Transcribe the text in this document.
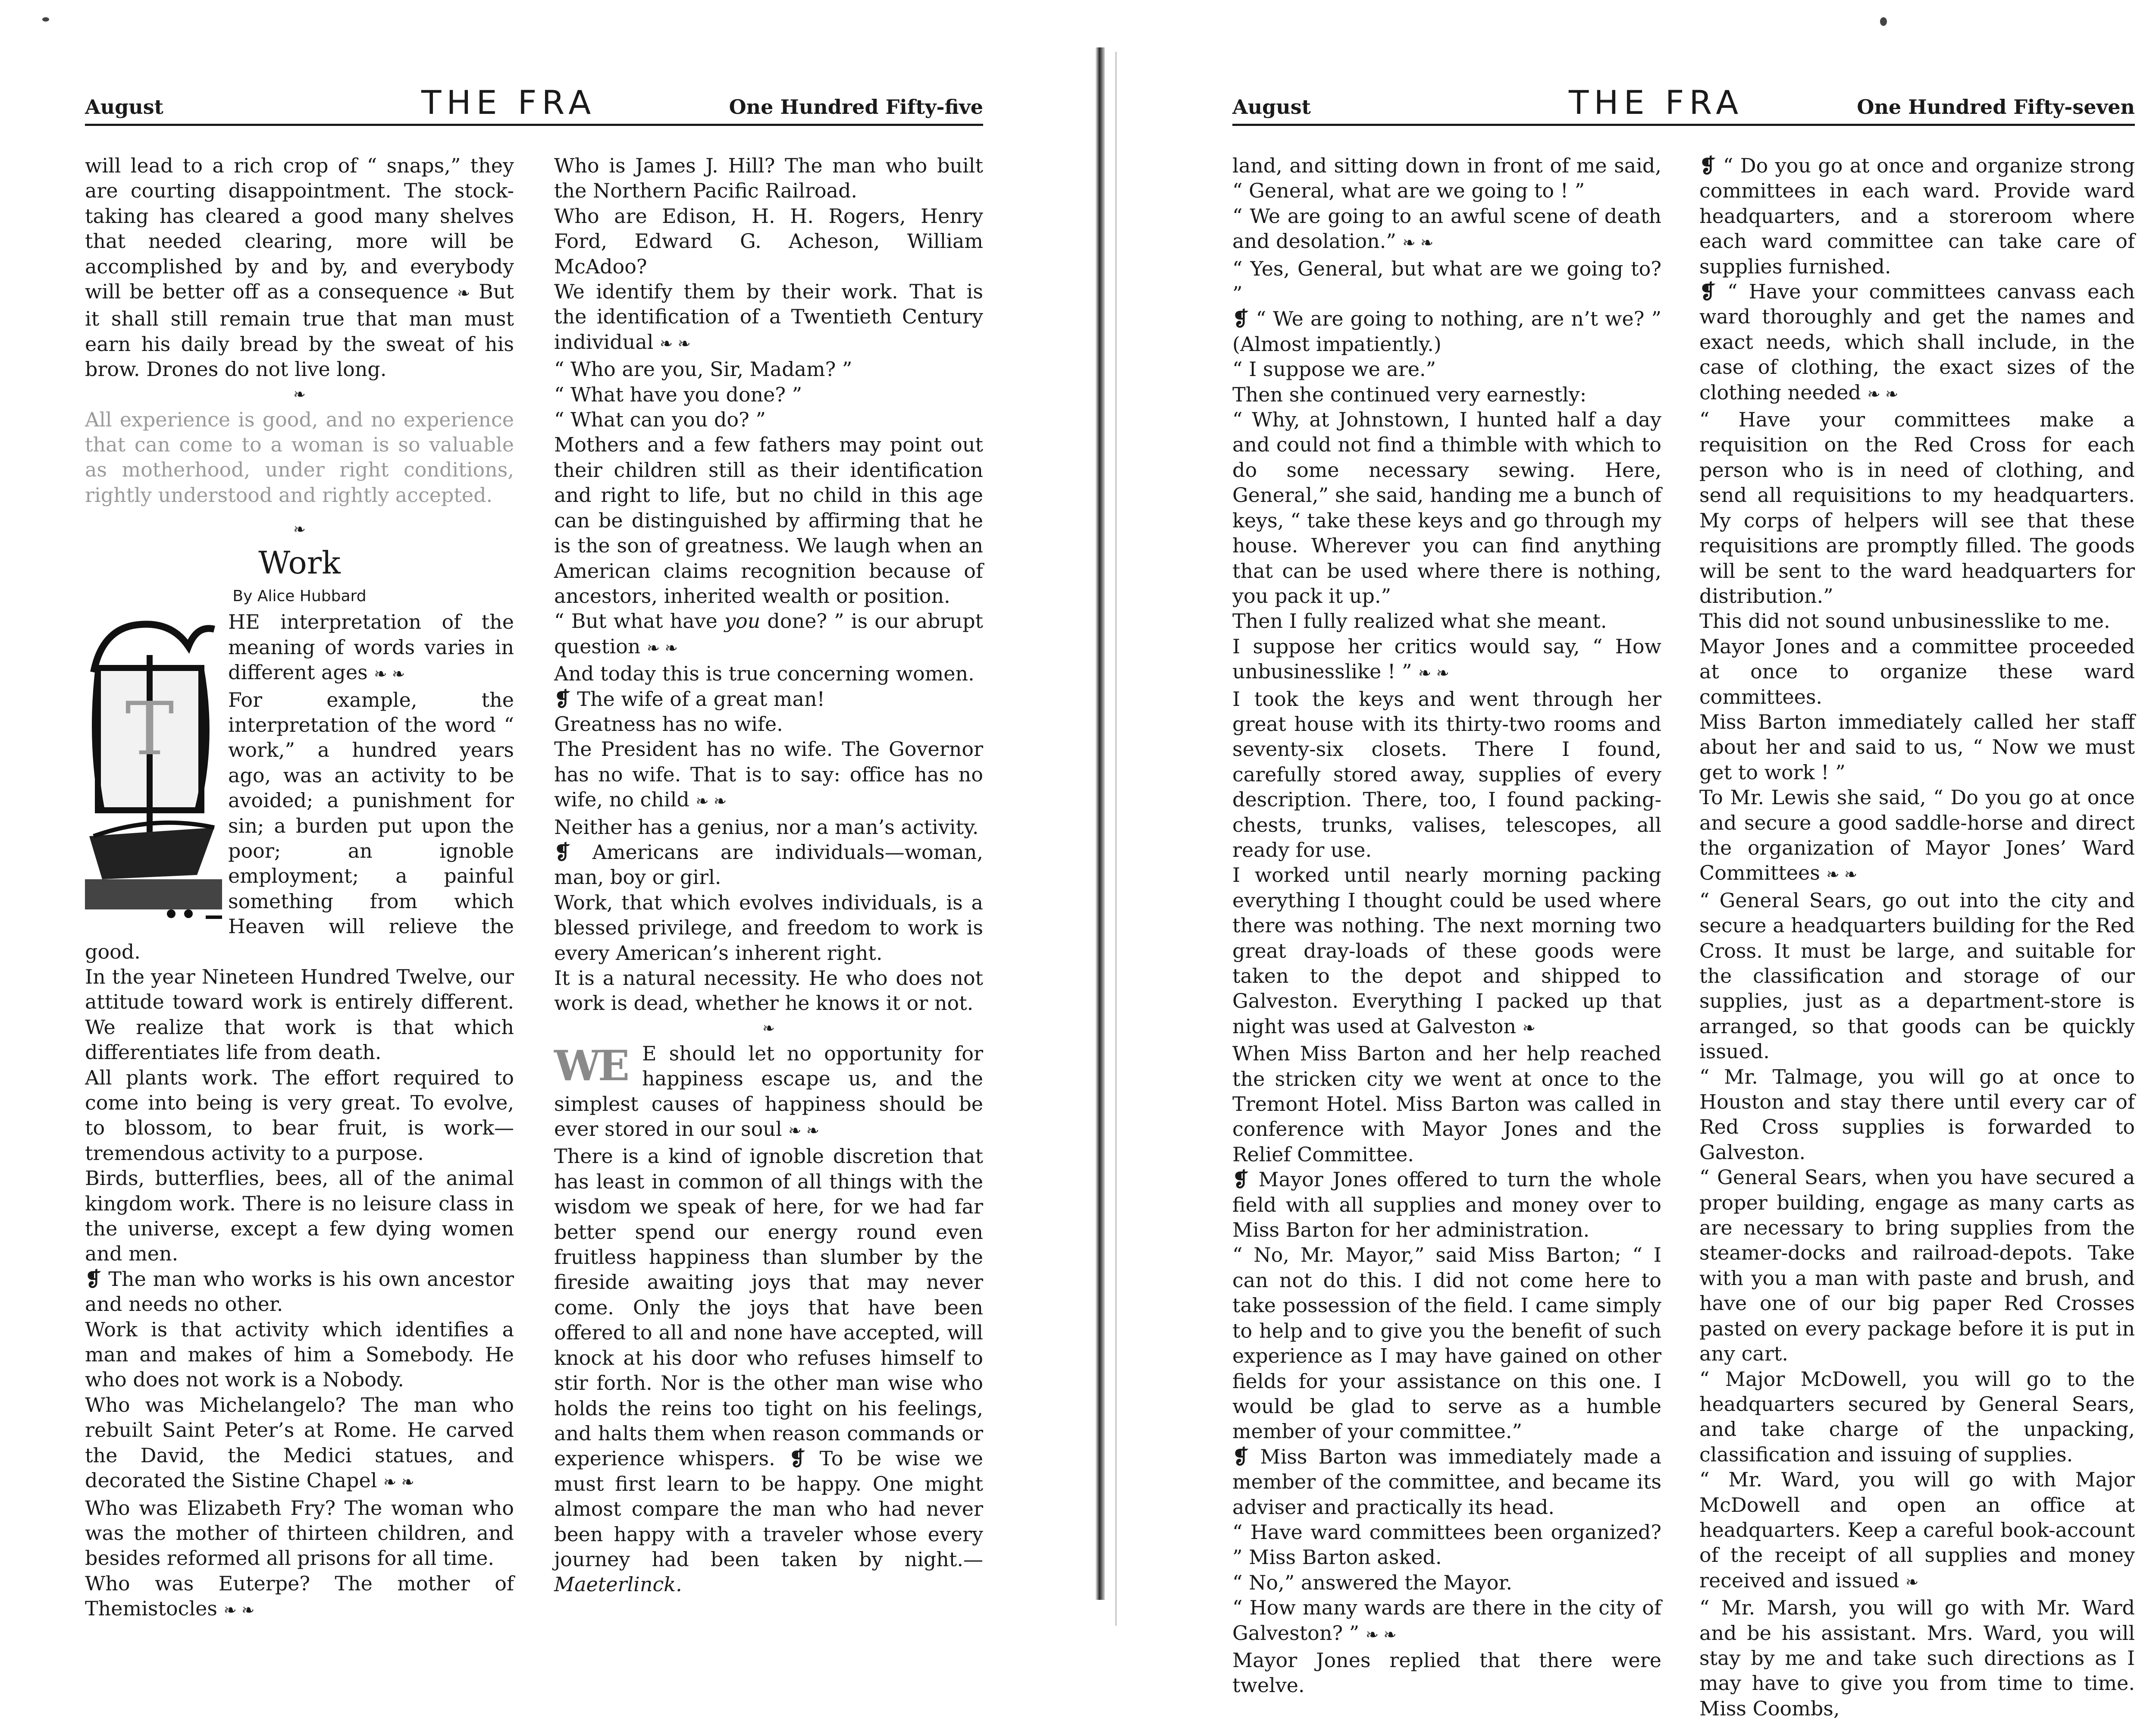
August	THE FRA	One Hundred Fifty-five

will lead to a rich crop of “ snaps,” they are courting disappointment. The stock-taking has cleared a good many shelves that needed clearing, more will be accomplished by and by, and everybody will be better off as a consequence ❧ But it shall still remain true that man must earn his daily bread by the sweat of his brow. Drones do not live long.

❧

All experience is good, and no experience that can come to a woman is so valuable as motherhood, under right conditions, rightly understood and rightly accepted.

❧

Work

By Alice Hubbard

T

HE interpretation of the meaning of words varies in different ages ❧ ❧

For example, the interpretation of the word “ work,” a hundred years ago, was an activity to be avoided; a punishment for sin; a burden put upon the poor; an ignoble employment; a painful something from which Heaven will relieve the good.

In the year Nineteen Hundred Twelve, our attitude toward work is entirely different. We realize that work is that which differentiates life from death.

All plants work. The effort required to come into being is very great. To evolve, to blossom, to bear fruit, is work—tremendous activity to a purpose.

Birds, butterflies, bees, all of the animal kingdom work. There is no leisure class in the universe, except a few dying women and men.

❡ The man who works is his own ancestor and needs no other.

Work is that activity which identifies a man and makes of him a Somebody. He who does not work is a Nobody.

Who was Michelangelo? The man who rebuilt Saint Peter’s at Rome. He carved the David, the Medici statues, and decorated the Sistine Chapel ❧ ❧

Who was Elizabeth Fry? The woman who was the mother of thirteen children, and besides reformed all prisons for all time.

Who was Euterpe? The mother of Themistocles ❧ ❧

Who is James J. Hill? The man who built the Northern Pacific Railroad.

Who are Edison, H. H. Rogers, Henry Ford, Edward G. Acheson, William McAdoo?

We identify them by their work. That is the identification of a Twentieth Century individual ❧ ❧

“ Who are you, Sir, Madam? ”

“ What have you done? ”

“ What can you do? ”

Mothers and a few fathers may point out their children still as their identification and right to life, but no child in this age can be distinguished by affirming that he is the son of greatness. We laugh when an American claims recognition because of ancestors, inherited wealth or position.

“ But what have you done? ” is our abrupt question ❧ ❧

And today this is true concerning women.

❡ The wife of a great man!

Greatness has no wife.

The President has no wife. The Governor has no wife. That is to say: office has no wife, no child ❧ ❧

Neither has a genius, nor a man’s activity.

❡ Americans are individuals—woman, man, boy or girl.

Work, that which evolves individuals, is a blessed privilege, and freedom to work is every American’s inherent right.

It is a natural necessity. He who does not work is dead, whether he knows it or not.

❧
WE E should let no opportunity for happiness escape us, and the simplest causes of happiness should be ever stored in our soul ❧ ❧

There is a kind of ignoble discretion that has least in common of all things with the wisdom we speak of here, for we had far better spend our energy round even fruitless happiness than slumber by the fireside awaiting joys that may never come. Only the joys that have been offered to all and none have accepted, will knock at his door who refuses himself to stir forth. Nor is the other man wise who holds the reins too tight on his feelings, and halts them when reason commands or experience whispers. ❡ To be wise we must first learn to be happy. One might almost compare the man who had never been happy with a traveler whose every journey had been taken by night.—Maeterlinck.

August	THE FRA	One Hundred Fifty-seven

land, and sitting down in front of me said, “ General, what are we going to ! ”

“ We are going to an awful scene of death and desolation.” ❧ ❧

“ Yes, General, but what are we going to? ”

❡ “ We are going to nothing, are n’t we? ” (Almost impatiently.)

“ I suppose we are.”

Then she continued very earnestly:

“ Why, at Johnstown, I hunted half a day and could not find a thimble with which to do some necessary sewing. Here, General,” she said, handing me a bunch of keys, “ take these keys and go through my house. Wherever you can find anything that can be used where there is nothing, you pack it up.”

Then I fully realized what she meant.

I suppose her critics would say, “ How unbusinesslike ! ” ❧ ❧

I took the keys and went through her great house with its thirty-two rooms and seventy-six closets. There I found, carefully stored away, supplies of every description. There, too, I found packing-chests, trunks, valises, telescopes, all ready for use.

I worked until nearly morning packing everything I thought could be used where there was nothing. The next morning two great dray-loads of these goods were taken to the depot and shipped to Galveston. Everything I packed up that night was used at Galveston ❧

When Miss Barton and her help reached the stricken city we went at once to the Tremont Hotel. Miss Barton was called in conference with Mayor Jones and the Relief Committee.

❡ Mayor Jones offered to turn the whole field with all supplies and money over to Miss Barton for her administration.

“ No, Mr. Mayor,” said Miss Barton; “ I can not do this. I did not come here to take possession of the field. I came simply to help and to give you the benefit of such experience as I may have gained on other fields for your assistance on this one. I would be glad to serve as a humble member of your committee.”

❡ Miss Barton was immediately made a member of the committee, and became its adviser and practically its head.

“ Have ward committees been organized? ” Miss Barton asked.

“ No,” answered the Mayor.

“ How many wards are there in the city of Galveston? ” ❧ ❧

Mayor Jones replied that there were twelve.

❡ “ Do you go at once and organize strong committees in each ward. Provide ward headquarters, and a storeroom where each ward committee can take care of supplies furnished.

❡ “ Have your committees canvass each ward thoroughly and get the names and exact needs, which shall include, in the case of clothing, the exact sizes of the clothing needed ❧ ❧

“ Have your committees make a requisition on the Red Cross for each person who is in need of clothing, and send all requisitions to my headquarters. My corps of helpers will see that these requisitions are promptly filled. The goods will be sent to the ward headquarters for distribution.”

This did not sound unbusinesslike to me.

Mayor Jones and a committee proceeded at once to organize these ward committees.

Miss Barton immediately called her staff about her and said to us, “ Now we must get to work ! ”

To Mr. Lewis she said, “ Do you go at once and secure a good saddle-horse and direct the organization of Mayor Jones’ Ward Committees ❧ ❧

“ General Sears, go out into the city and secure a headquarters building for the Red Cross. It must be large, and suitable for the classification and storage of our supplies, just as a department-store is arranged, so that goods can be quickly issued.

“ Mr. Talmage, you will go at once to Houston and stay there until every car of Red Cross supplies is forwarded to Galveston.

“ General Sears, when you have secured a proper building, engage as many carts as are necessary to bring supplies from the steamer-docks and railroad-depots. Take with you a man with paste and brush, and have one of our big paper Red Crosses pasted on every package before it is put in any cart.

“ Major McDowell, you will go to the headquarters secured by General Sears, and take charge of the unpacking, classification and issuing of supplies.

“ Mr. Ward, you will go with Major McDowell and open an office at headquarters. Keep a careful book-account of the receipt of all supplies and money received and issued ❧

“ Mr. Marsh, you will go with Mr. Ward and be his assistant. Mrs. Ward, you will stay by me and take such directions as I may have to give you from time to time. Miss Coombs,
